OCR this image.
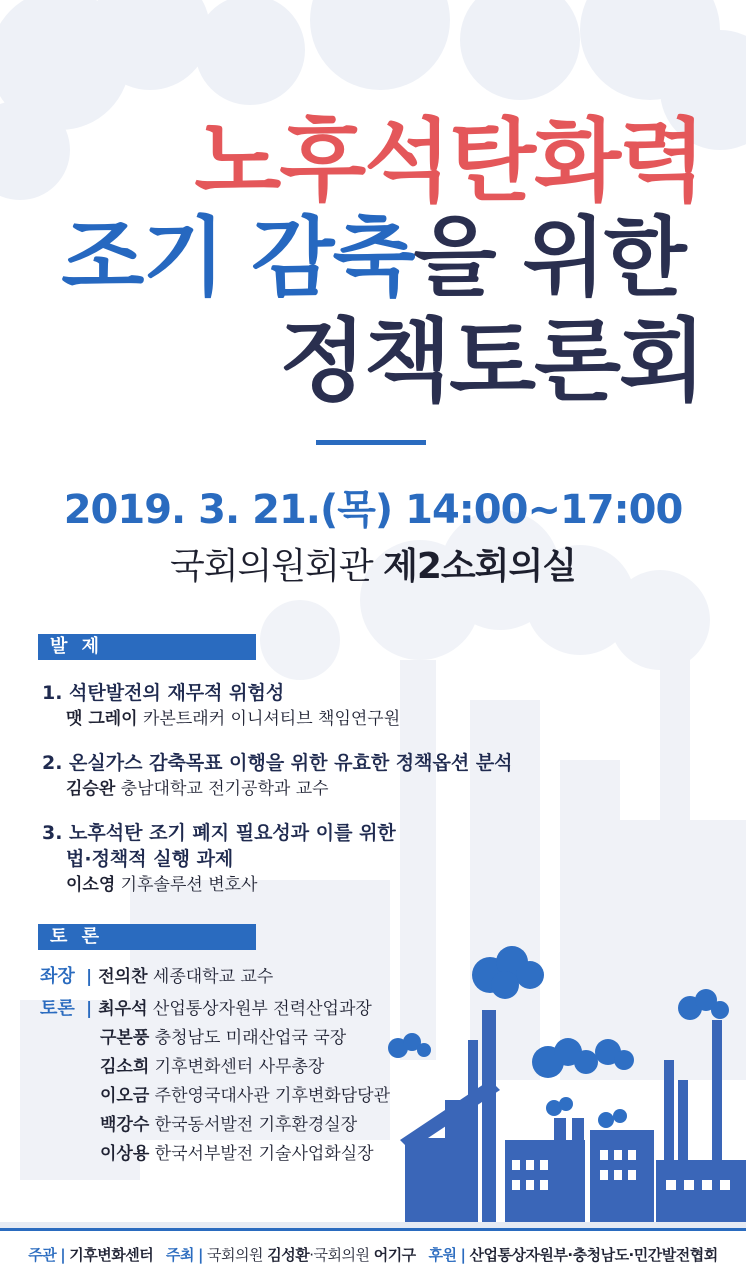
노후석탄화력
조기 감축을 위한
정책토론회
2019. 3. 21.(목) 14:00~17:00
국회의원회관 제2소회의실
발 제
1. 석탄발전의 재무적 위험성
맷 그레이 카본트래커 이니셔티브 책임연구원
2. 온실가스 감축목표 이행을 위한 유효한 정책옵션 분석
김승완 충남대학교 전기공학과 교수
3. 노후석탄 조기 폐지 필요성과 이를 위한
법·정책적 실행 과제
이소영 기후솔루션 변호사
토 론
좌장 | 전의찬 세종대학교 교수
토론 | 최우석 산업통상자원부 전력산업과장
구본풍 충청남도 미래산업국 국장
김소희 기후변화센터 사무총장
이오금 주한영국대사관 기후변화담당관
백강수 한국동서발전 기후환경실장
이상용 한국서부발전 기술사업화실장
주관 | 기후변화센터 주최 | 국회의원 김성환·국회의원 어기구 후원 | 산업통상자원부·충청남도·민간발전협회
